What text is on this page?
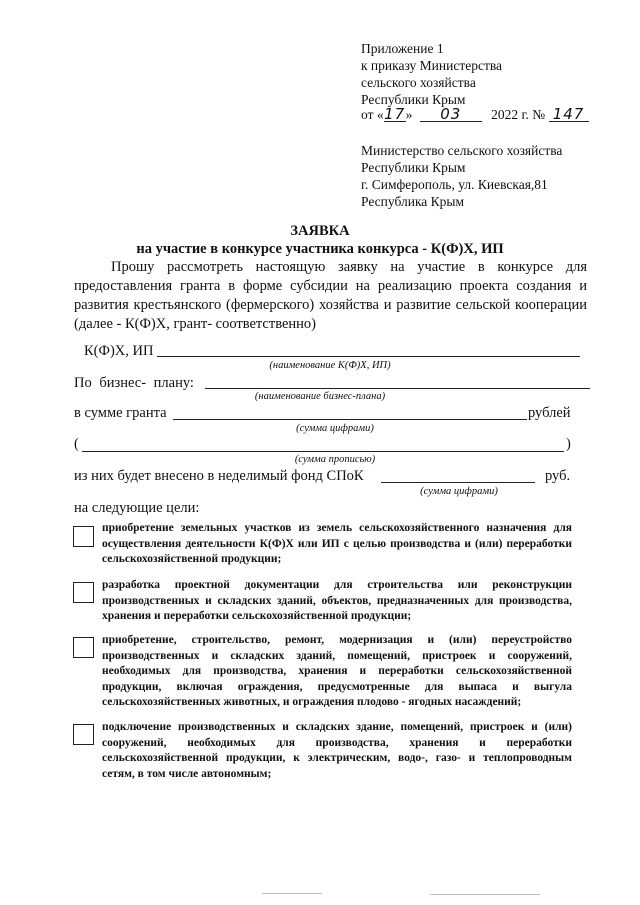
Приложение 1
к приказу Министерства
сельского хозяйства
Республики Крым
от «17» 03 2022 г. № 147
Министерство сельского хозяйства
Республики Крым
г. Симферополь, ул. Киевская,81
Республика Крым
ЗАЯВКА
на участие в конкурсе участника конкурса - К(Ф)Х, ИП
Прошу рассмотреть настоящую заявку на участие в конкурсе для предоставления гранта в форме субсидии на реализацию проекта создания и развития крестьянского (фермерского) хозяйства и развитие сельской кооперации (далее - К(Ф)Х, грант- соответственно)
К(Ф)Х, ИП
(наименование К(Ф)Х, ИП)
По бизнес- плану:
(наименование бизнес-плана)
в сумме гранта	рублей
(сумма цифрами)
(	)
(сумма прописью)
из них будет внесено в неделимый фонд СПоК	руб.
(сумма цифрами)
на следующие цели:
приобретение земельных участков из земель сельскохозяйственного назначения для осуществления деятельности К(Ф)Х или ИП с целью производства и (или) переработки сельскохозяйственной продукции;
разработка проектной документации для строительства или реконструкции производственных и складских зданий, объектов, предназначенных для производства, хранения и переработки сельскохозяйственной продукции;
приобретение, строительство, ремонт, модернизация и (или) переустройство производственных и складских зданий, помещений, пристроек и сооружений, необходимых для производства, хранения и переработки сельскохозяйственной продукции, включая ограждения, предусмотренные для выпаса и выгула сельскохозяйственных животных, и ограждения плодово - ягодных насаждений;
подключение производственных и складских здание, помещений, пристроек и (или) сооружений, необходимых для производства, хранения и переработки сельскохозяйственной продукции, к электрическим, водо-, газо- и теплопроводным сетям, в том числе автономным;
